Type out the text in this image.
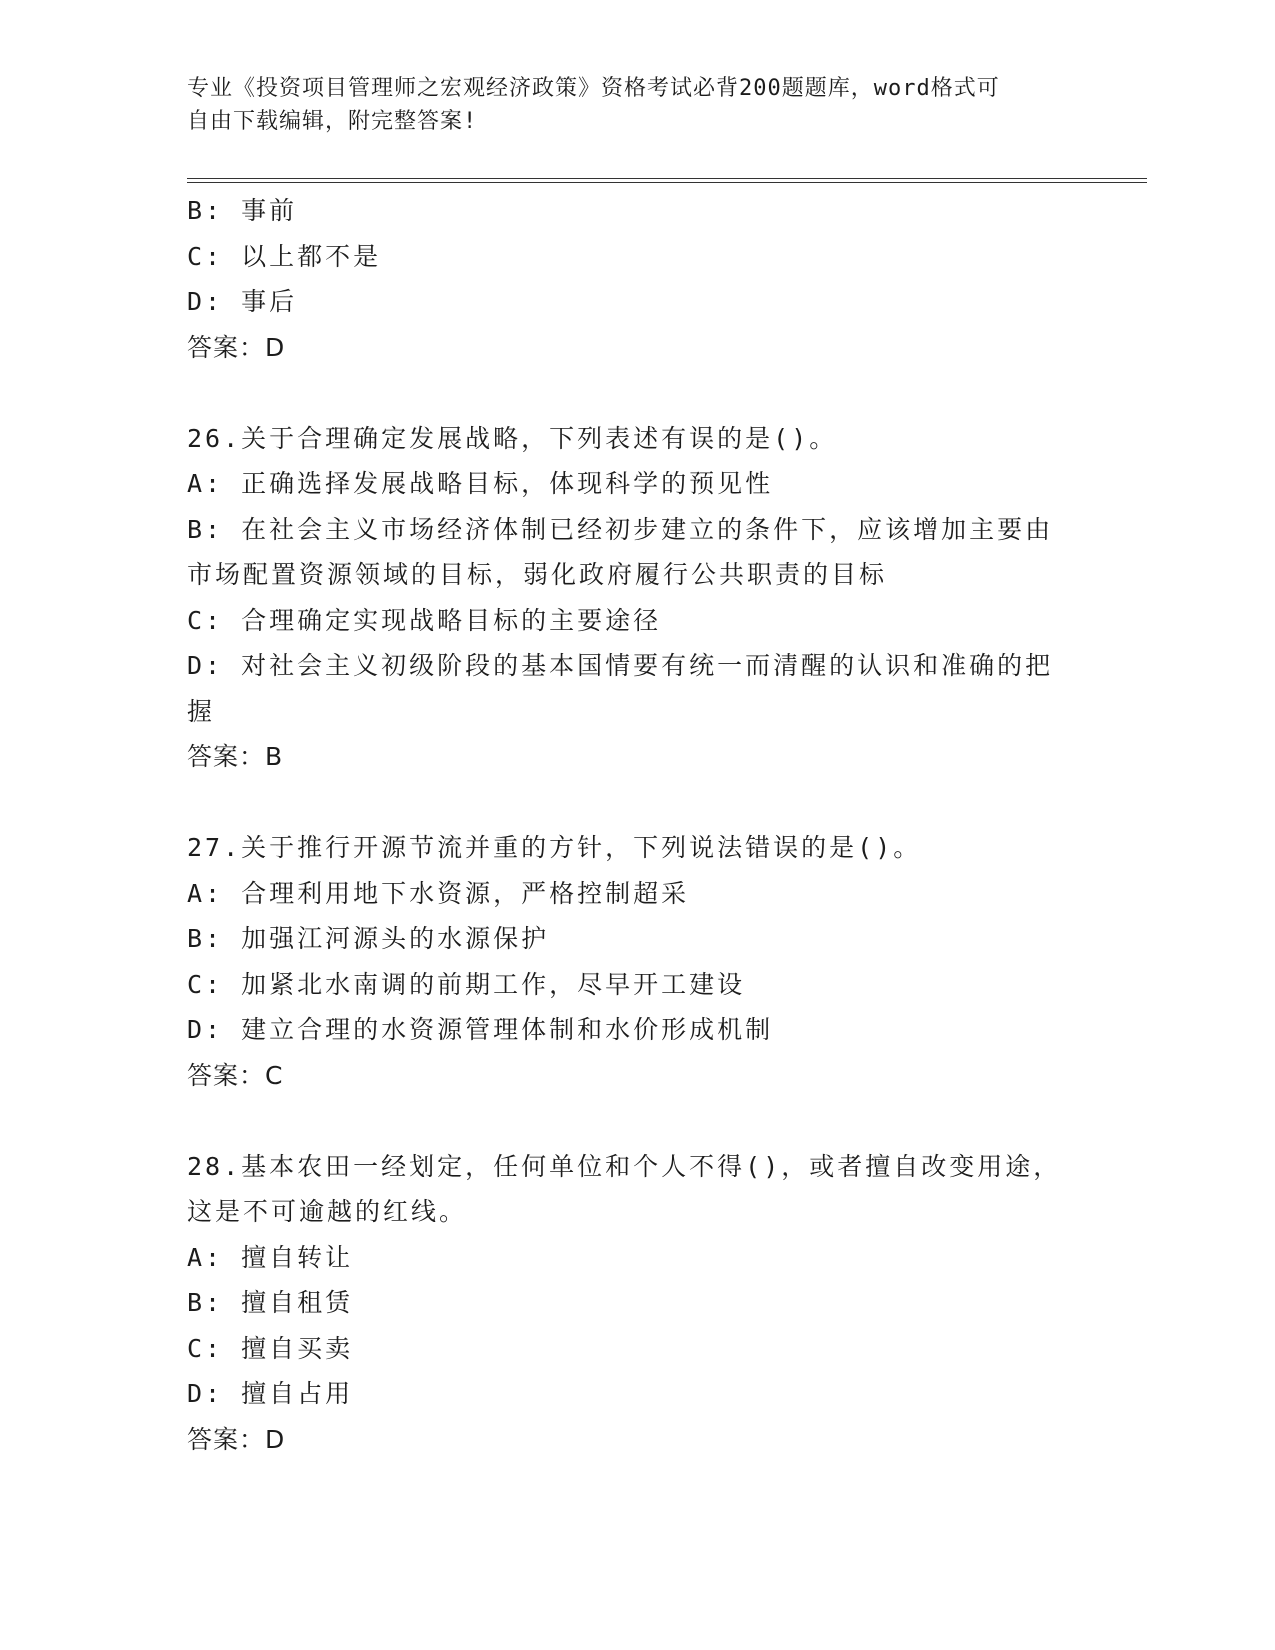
专业《投资项目管理师之宏观经济政策》资格考试必背200题题库，word格式可
自由下载编辑，附完整答案!
B: 事前
C: 以上都不是
D: 事后
答案：D
26.关于合理确定发展战略，下列表述有误的是()。
A: 正确选择发展战略目标，体现科学的预见性
B: 在社会主义市场经济体制已经初步建立的条件下，应该增加主要由
市场配置资源领域的目标，弱化政府履行公共职责的目标
C: 合理确定实现战略目标的主要途径
D: 对社会主义初级阶段的基本国情要有统一而清醒的认识和准确的把
握
答案：B
27.关于推行开源节流并重的方针，下列说法错误的是()。
A: 合理利用地下水资源，严格控制超采
B: 加强江河源头的水源保护
C: 加紧北水南调的前期工作，尽早开工建设
D: 建立合理的水资源管理体制和水价形成机制
答案：C
28.基本农田一经划定，任何单位和个人不得()，或者擅自改变用途，
这是不可逾越的红线。
A: 擅自转让
B: 擅自租赁
C: 擅自买卖
D: 擅自占用
答案：D
